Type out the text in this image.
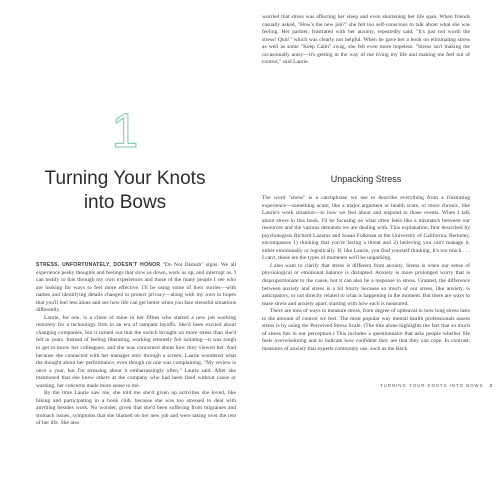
1
Turning Your Knots
into Bows

STRESS, UNFORTUNATELY, DOESN'T HONOR "Do Not Disturb" signs. We all experience pesky thoughts and feelings that slow us down, work us up, and interrupt us. I can testify to this through my own experiences and those of the many people I see who are looking for ways to feel more effective. I'll be using some of their stories—with names and identifying details changed to protect privacy—along with my own in hopes that you'll feel less alone and see how life can get better when you face stressful situations differently.

Laurie, for one, is a client of mine in her fifties who started a new job working remotely for a technology firm in an era of rampant layoffs. She'd been excited about changing companies, but it turned out that the switch brought on more stress than she'd felt in years. Instead of feeling liberating, working remotely felt isolating—it was tough to get to know her colleagues, and she was concerned about how they viewed her. And because she connected with her manager only through a screen, Laurie wondered what the thought about her performance, even though no one was complaining. "My review is once a year, but I'm stressing about it embarrassingly often," Laurie said. After she mentioned that she knew others at the company who had been fired without cause or warning, her concerns made more sense to me.

By the time Laurie saw me, she told me she'd given up activities she loved, like hiking and participating in a book club, because she was too stressed to deal with anything besides work. No wonder, given that she'd been suffering from migraines and stomach issues, symptoms that she blamed on her new job and were taking over the rest of her life. She also

worried that stress was affecting her sleep and even shortening her life span. When friends casually asked, "How's the new job?" she felt too self-conscious to talk about what she was feeling. Her partner, frustrated with her anxiety, repeatedly said, "It's just not worth the stress! Quit!" which was clearly not helpful. When he gave her a book on eliminating stress as well as some "Keep Calm" swag, she felt even more hopeless. "Stress isn't making me occasionally antsy—it's getting in the way of me living my life and making me feel out of control," said Laurie.

Unpacking Stress

The word "stress" is a catchphrase we use to describe everything from a frustrating experience—something acute, like a major argument or health scare, or more chronic, like Laurie's work situation—to how we feel about and respond to those events. When I talk about stress in this book, I'll be focusing on what often feels like a mismatch between our resources and the various demands we are dealing with. This explanation, first described by psychologists Richard Lazarus and Susan Folkman at the University of California, Berkeley, encompasses 1) thinking that you're facing a threat and 2) believing you can't manage it, either emotionally or logistically. If, like Laurie, you find yourself thinking, It's too much . . . I can't, those are the types of moments we'll be unpacking.

I also want to clarify that stress is different from anxiety. Stress is when our sense of physiological or emotional balance is disrupted. Anxiety is more prolonged worry that is disproportionate to the cause, but it can also be a response to stress. Granted, the difference between anxiety and stress is a bit blurry because so much of our stress, like anxiety, is anticipatory, or not directly related to what is happening in the moment. But there are ways to tease stress and anxiety apart, starting with how each is measured.

There are tons of ways to measure stress, from degree of upheaval to how long stress lasts to the amount of control we feel. The most popular way mental health professionals assess stress is by using the Perceived Stress Scale. (The title alone highlights the fact that so much of stress lies in our perception.) This includes a questionnaire that asks people whether life feels overwhelming and to indicate how confident they are that they can cope. In contrast, measures of anxiety that experts commonly use, such as the Beck

TURNING YOUR KNOTS INTO BOWS 3
